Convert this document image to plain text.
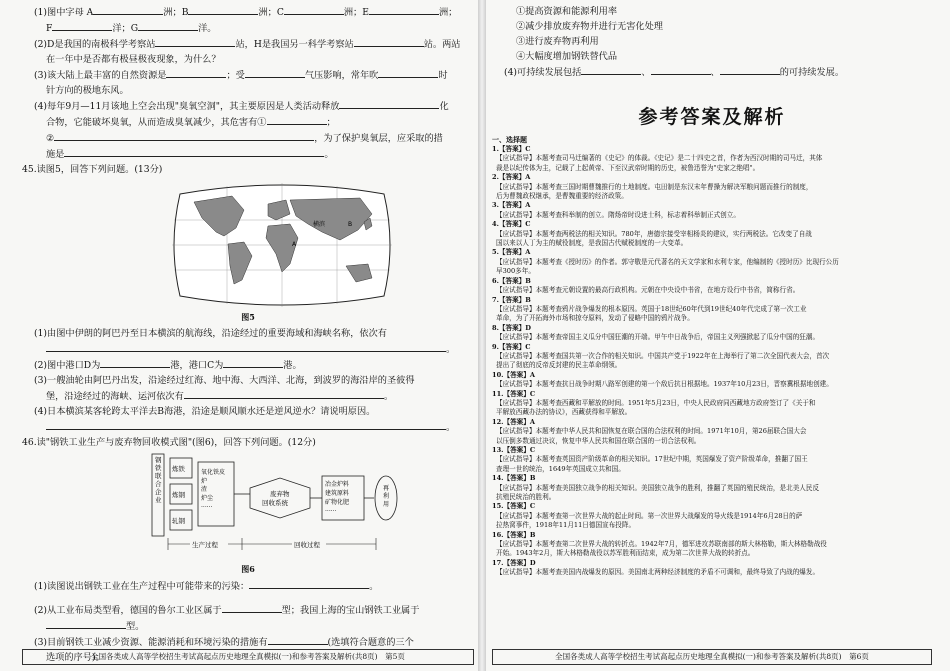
(1)图中字母 A	洲；B	洲；C	洲；E	洲；

F	洋；G	洋。

(2)D是我国的南极科学考察站	站，H是我国另一科学考察站	站。两站

在一年中是否都有极昼极夜现象，为什么？

(3)该大陆上最丰富的自然资源是	；受	气压影响，常年吹	时

针方向的极地东风。

(4)每年9月—11月该地上空会出现"臭氧空洞"，其主要原因是人类活动释放	化

合物，它能破坏臭氧，从而造成臭氧减少，其危害有①	；

②	，为了保护臭氧层，应采取的措

施是	。

45.读图5，回答下列问题。(13分)

横滨	B
A

图5

(1)由图中伊朗的阿巴丹至日本横滨的航海线，沿途经过的重要海域和海峡名称，依次有

。

(2)图中港口D为	港，港口C为	港。

(3)一艘油轮由阿巴丹出发，沿途经过红海、地中海、大西洋、北海，到波罗的海沿岸的圣彼得

堡，沿途经过的海峡、运河依次有	。

(4)日本横滨某客轮跨太平洋去B海港，沿途是顺风顺水还是逆风逆水？请说明原因。

。

46.读"钢铁工业生产与废弃物回收模式图"(图6)，回答下列问题。(12分)

钢铁联合企业
炼铁
炼钢
轧钢
氧化铁皮炉渣炉尘······
废弃物回收系统
冶金炉料建筑原料矿物化肥······
再利用
生产过程	回收过程

图6

(1)读图说出钢铁工业在生产过程中可能带来的污染：	。

(2)从工业布局类型看，德国的鲁尔工业区属于	型；我国上海的宝山钢铁工业属于

型。

(3)目前钢铁工业减少资源、能源消耗和环境污染的措施有	(选填符合题意的三个

选项的序号)。

全国各类成人高等学校招生考试高起点历史地理全真模拟(一)和参考答案及解析(共8页)　第5页

①提高资源和能源利用率

②减少排放废弃物并进行无害化处理

③进行废弃物再利用

④大幅度增加钢铁替代品

(4)可持续发展包括	、	、	的可持续发展。

参考答案及解析

一、选择题

1.【答案】C

【应试指导】本题考查司马迁编著的《史记》的体裁。《史记》是二十四史之首，作者为西汉时期的司马迁，其体

裁是以纪传体为主，记载了上起黄帝、下至汉武帝时期的历史，被鲁迅誉为"史家之绝唱"。

2.【答案】A

【应试指导】本题考查三国时期曹魏推行的土地制度。屯田制是东汉末年曹操为解决军粮问题而推行的制度，

后为曹魏政权继承，是曹魏重要的经济政策。

3.【答案】A

【应试指导】本题考查科举制的创立。隋炀帝时设进士科，标志着科举制正式创立。

4.【答案】C

【应试指导】本题考查两税法的相关知识。780年，唐德宗接受宰相杨炎的建议，实行两税法。它改变了自战

国以来以人丁为主的赋役制度，是我国古代赋税制度的一大变革。

5.【答案】A

【应试指导】本题考查《授时历》的作者。郭守敬是元代著名的天文学家和水利专家，他编制的《授时历》比现行公历

早300多年。

6.【答案】B

【应试指导】本题考查元朝设置的最高行政机构。元朝在中央设中书省，在地方设行中书省，简称行省。

7.【答案】B

【应试指导】本题考查鸦片战争爆发的根本原因。英国于18世纪60年代到19世纪40年代完成了第一次工业

革命，为了开拓海外市场和掠夺原料，发动了侵略中国的鸦片战争。

8.【答案】D

【应试指导】本题考查帝国主义瓜分中国狂潮的开端。甲午中日战争后，帝国主义列强掀起了瓜分中国的狂潮。

9.【答案】C

【应试指导】本题考查国共第一次合作的相关知识。中国共产党于1922年在上海举行了第二次全国代表大会，首次

提出了彻底的反帝反封建的民主革命纲领。

10.【答案】A

【应试指导】本题考查抗日战争时期八路军创建的第一个敌后抗日根据地。1937年10月23日，晋察冀根据地创建。

11.【答案】C

【应试指导】本题考查西藏和平解放的时间。1951年5月23日，中央人民政府同西藏地方政府签订了《关于和

平解放西藏办法的协议》，西藏获得和平解放。

12.【答案】A

【应试指导】本题考查中华人民共和国恢复在联合国的合法权利的时间。1971年10月，第26届联合国大会

以压倒多数通过决议，恢复中华人民共和国在联合国的一切合法权利。

13.【答案】C

【应试指导】本题考查英国资产阶级革命的相关知识。17世纪中期，英国爆发了资产阶级革命，推翻了国王

查理一世的统治，1649年英国成立共和国。

14.【答案】B

【应试指导】本题考查美国独立战争的相关知识。美国独立战争的胜利，推翻了英国的殖民统治，是北美人民反

抗殖民统治的胜利。

15.【答案】C

【应试指导】本题考查第一次世界大战的起止时间。第一次世界大战爆发的导火线是1914年6月28日的萨

拉热窝事件，1918年11月11日德国宣布投降。

16.【答案】B

【应试指导】本题考查第二次世界大战的转折点。1942年7月，德军进攻苏联南部的斯大林格勒，斯大林格勒战役

开始。1943年2月，斯大林格勒战役以苏军胜利而结束，成为第二次世界大战的转折点。

17.【答案】D

【应试指导】本题考查美国内战爆发的原因。美国南北两种经济制度的矛盾不可调和，最终导致了内战的爆发。

全国各类成人高等学校招生考试高起点历史地理全真模拟(一)和参考答案及解析(共8页)　第6页
